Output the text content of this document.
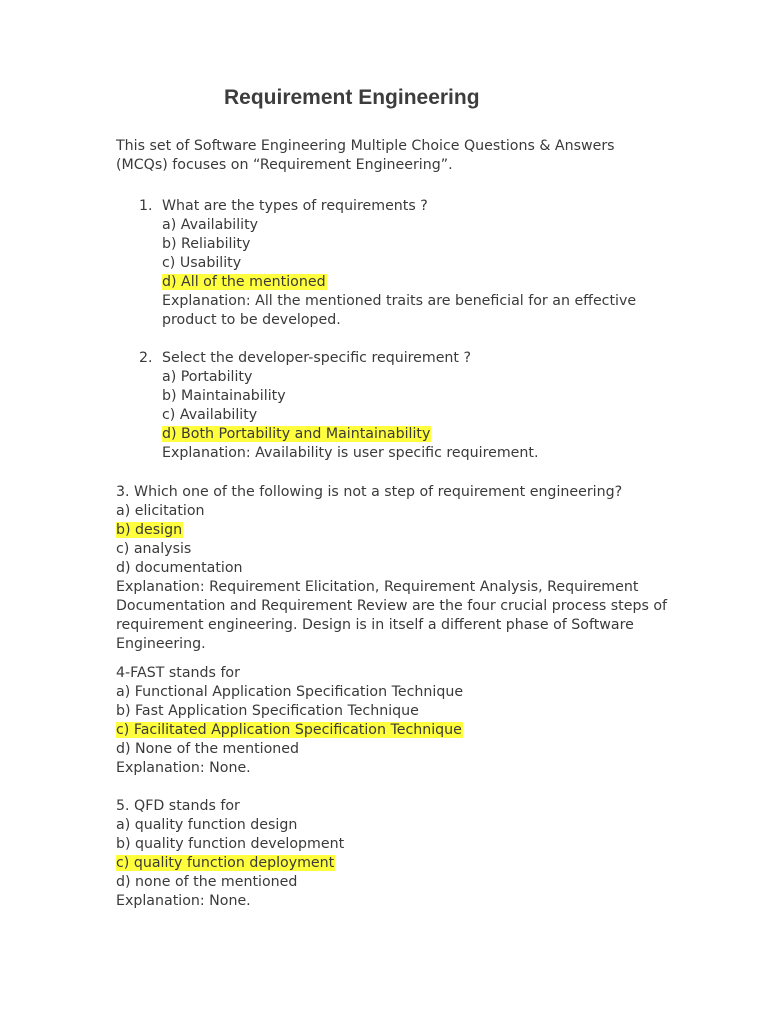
Requirement Engineering
This set of Software Engineering Multiple Choice Questions & Answers
(MCQs) focuses on “Requirement Engineering”.
1. What are the types of requirements ?
a) Availability
b) Reliability
c) Usability
d) All of the mentioned
Explanation: All the mentioned traits are beneficial for an effective
product to be developed.
2. Select the developer-specific requirement ?
a) Portability
b) Maintainability
c) Availability
d) Both Portability and Maintainability
Explanation: Availability is user specific requirement.
3. Which one of the following is not a step of requirement engineering?
a) elicitation
b) design
c) analysis
d) documentation
Explanation: Requirement Elicitation, Requirement Analysis, Requirement
Documentation and Requirement Review are the four crucial process steps of
requirement engineering. Design is in itself a different phase of Software
Engineering.
4-FAST stands for
a) Functional Application Specification Technique
b) Fast Application Specification Technique
c) Facilitated Application Specification Technique
d) None of the mentioned
Explanation: None.
5. QFD stands for
a) quality function design
b) quality function development
c) quality function deployment
d) none of the mentioned
Explanation: None.
